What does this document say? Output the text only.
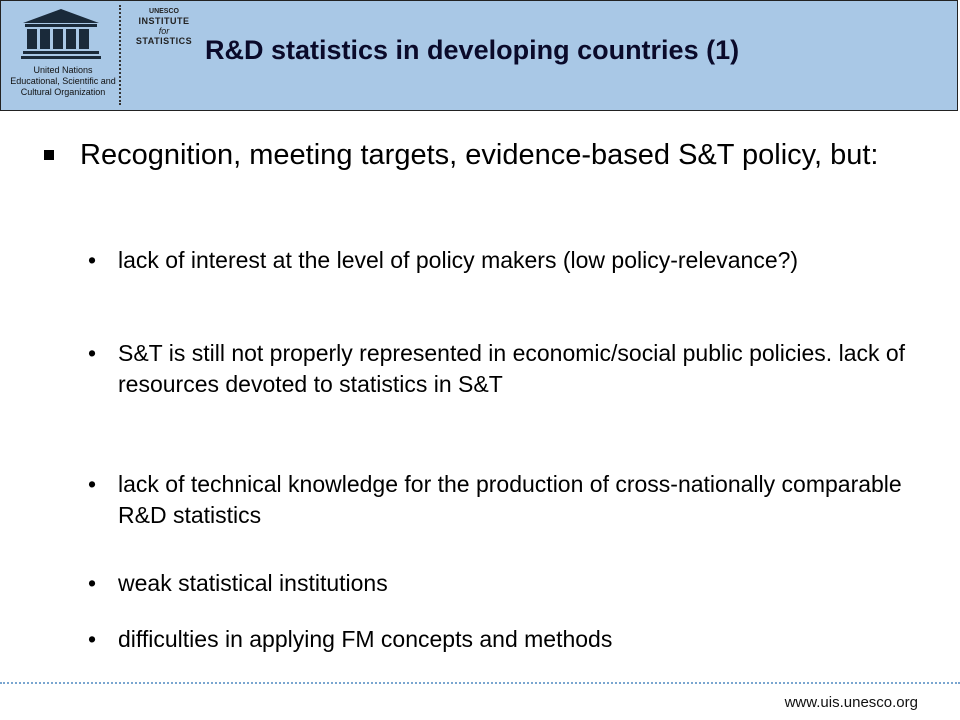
United Nations
Educational, Scientific and
Cultural Organization
UNESCO
INSTITUTE
for
STATISTICS R&D statistics in developing countries (1)
Recognition, meeting targets, evidence-based S&T policy, but:
• lack of interest at the level of policy makers (low policy-relevance?)
• S&T is still not properly represented in economic/social public policies. lack of resources devoted to statistics in S&T
• lack of technical knowledge for the production of cross-nationally comparable R&D statistics
• weak statistical institutions
• difficulties in applying FM concepts and methods
www.uis.unesco.org
